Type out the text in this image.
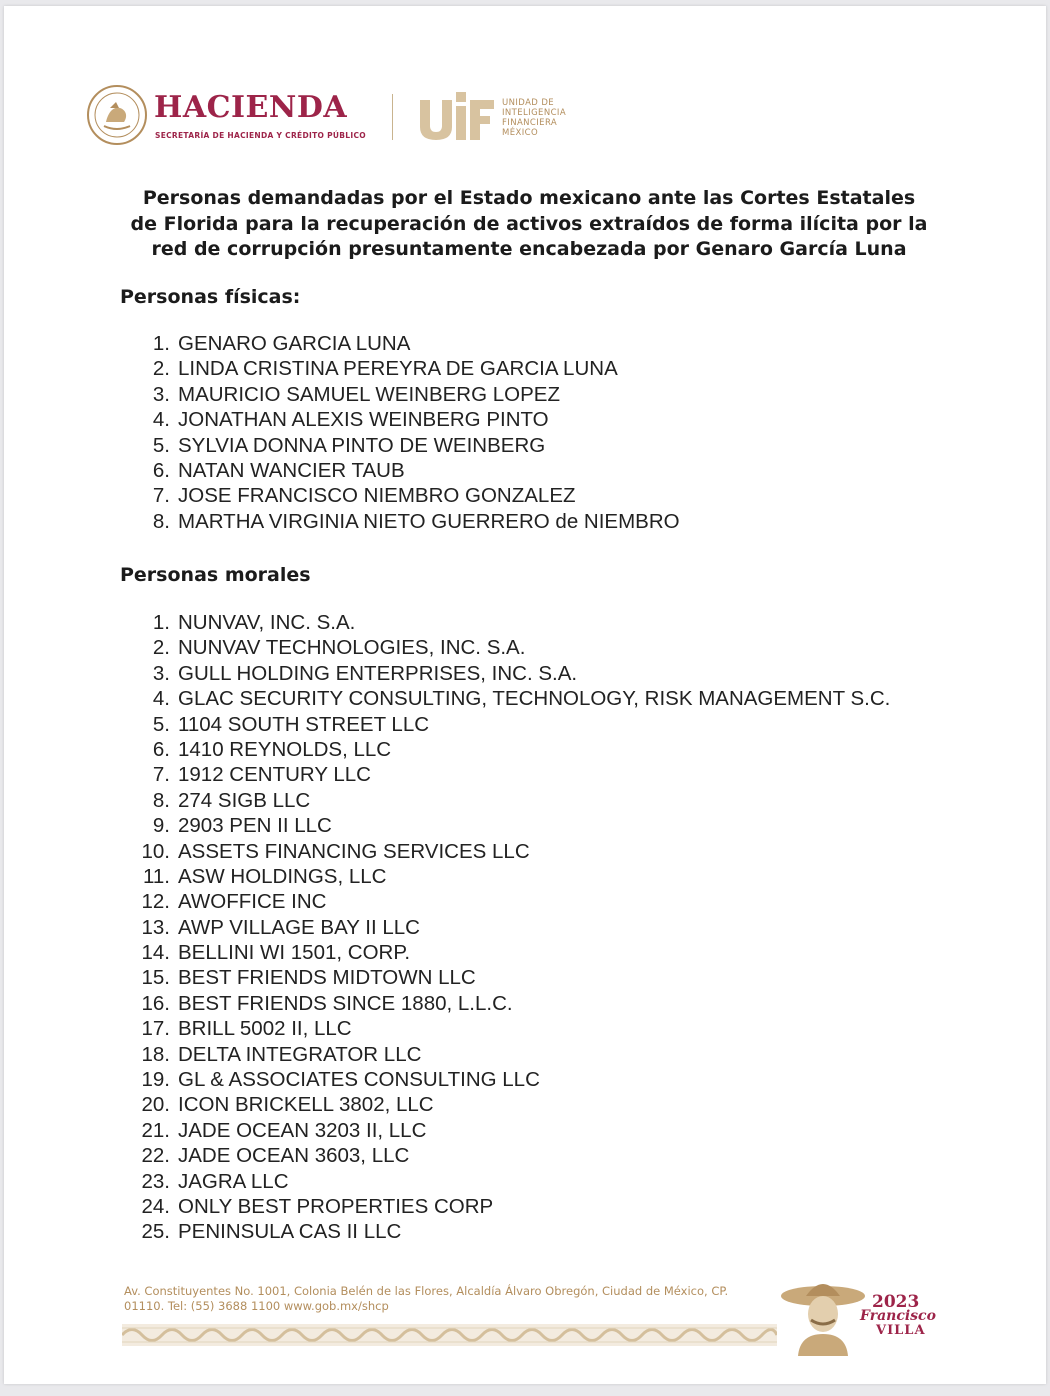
HACIENDA
SECRETARÍA DE HACIENDA Y CRÉDITO PÚBLICO
UNIDAD DE
INTELIGENCIA
FINANCIERA
MÉXICO
Personas demandadas por el Estado mexicano ante las Cortes Estatales
de Florida para la recuperación de activos extraídos de forma ilícita por la
red de corrupción presuntamente encabezada por Genaro García Luna
Personas físicas:
1. GENARO GARCIA LUNA
2. LINDA CRISTINA PEREYRA DE GARCIA LUNA
3. MAURICIO SAMUEL WEINBERG LOPEZ
4. JONATHAN ALEXIS WEINBERG PINTO
5. SYLVIA DONNA PINTO DE WEINBERG
6. NATAN WANCIER TAUB
7. JOSE FRANCISCO NIEMBRO GONZALEZ
8. MARTHA VIRGINIA NIETO GUERRERO de NIEMBRO
Personas morales
1. NUNVAV, INC. S.A.
2. NUNVAV TECHNOLOGIES, INC. S.A.
3. GULL HOLDING ENTERPRISES, INC. S.A.
4. GLAC SECURITY CONSULTING, TECHNOLOGY, RISK MANAGEMENT S.C.
5. 1104 SOUTH STREET LLC
6. 1410 REYNOLDS, LLC
7. 1912 CENTURY LLC
8. 274 SIGB LLC
9. 2903 PEN II LLC
10. ASSETS FINANCING SERVICES LLC
11. ASW HOLDINGS, LLC
12. AWOFFICE INC
13. AWP VILLAGE BAY II LLC
14. BELLINI WI 1501, CORP.
15. BEST FRIENDS MIDTOWN LLC
16. BEST FRIENDS SINCE 1880, L.L.C.
17. BRILL 5002 II, LLC
18. DELTA INTEGRATOR LLC
19. GL & ASSOCIATES CONSULTING LLC
20. ICON BRICKELL 3802, LLC
21. JADE OCEAN 3203 II, LLC
22. JADE OCEAN 3603, LLC
23. JAGRA LLC
24. ONLY BEST PROPERTIES CORP
25. PENINSULA CAS II LLC
Av. Constituyentes No. 1001, Colonia Belén de las Flores, Alcaldía Álvaro Obregón, Ciudad de México, CP.
01110. Tel: (55) 3688 1100 www.gob.mx/shcp	2023
Francisco
VILLA
